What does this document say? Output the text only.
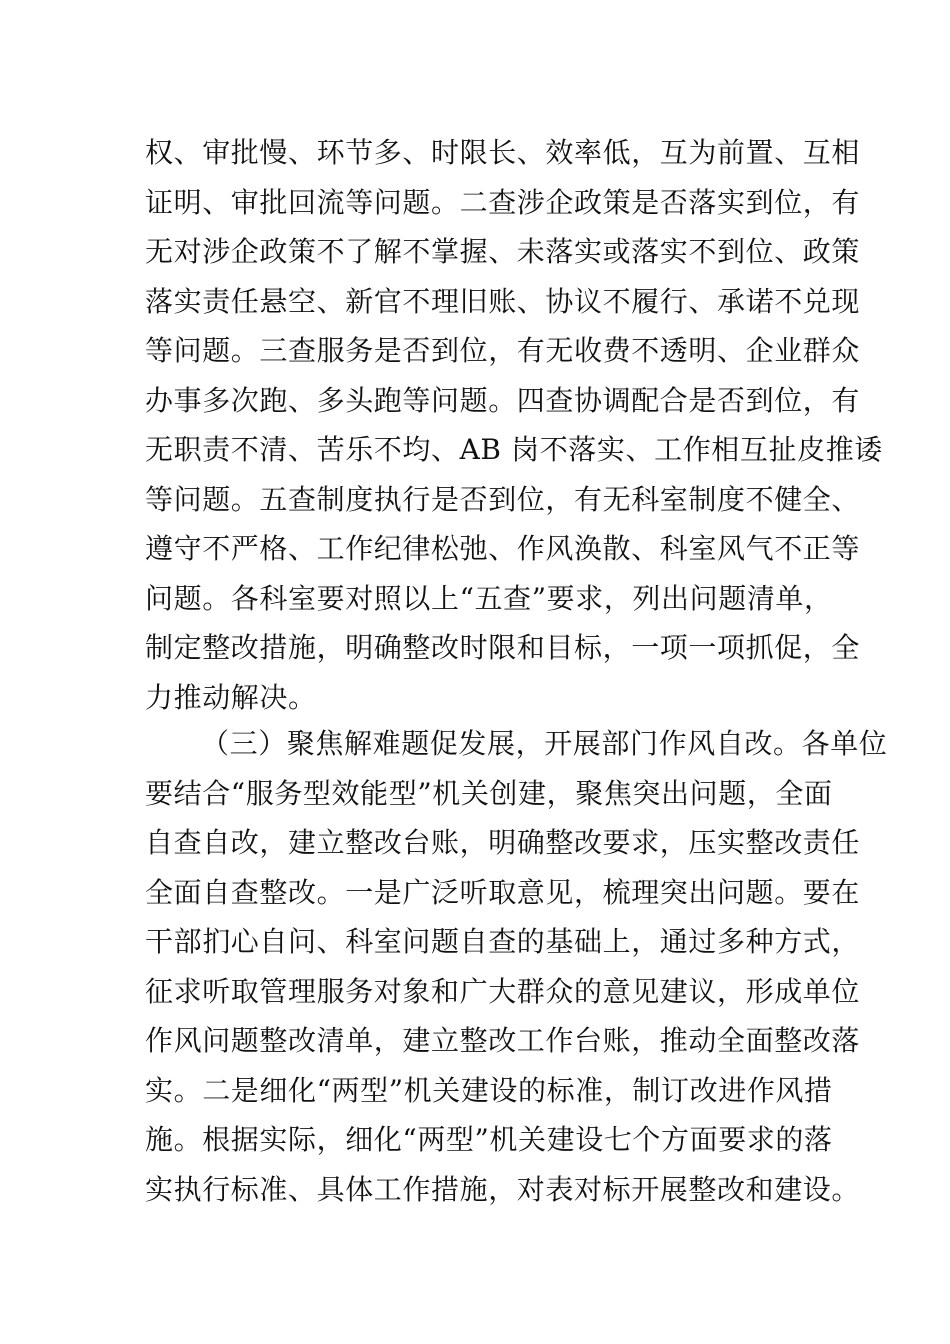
权、审批慢、环节多、时限长、效率低，互为前置、互相
证明、审批回流等问题。二查涉企政策是否落实到位，有
无对涉企政策不了解不掌握、未落实或落实不到位、政策
落实责任悬空、新官不理旧账、协议不履行、承诺不兑现
等问题。三查服务是否到位，有无收费不透明、企业群众
办事多次跑、多头跑等问题。四查协调配合是否到位，有
无职责不清、苦乐不均、AB 岗不落实、工作相互扯皮推诿
等问题。五查制度执行是否到位，有无科室制度不健全、
遵守不严格、工作纪律松弛、作风涣散、科室风气不正等
问题。各科室要对照以上“五查”要求，列出问题清单，
制定整改措施，明确整改时限和目标，一项一项抓促，全
力推动解决。
（三）聚焦解难题促发展，开展部门作风自改。各单位
要结合“服务型效能型”机关创建，聚焦突出问题，全面
自查自改，建立整改台账，明确整改要求，压实整改责任
全面自查整改。一是广泛听取意见，梳理突出问题。要在
干部扪心自问、科室问题自查的基础上，通过多种方式，
征求听取管理服务对象和广大群众的意见建议，形成单位
作风问题整改清单，建立整改工作台账，推动全面整改落
实。二是细化“两型”机关建设的标准，制订改进作风措
施。根据实际，细化“两型”机关建设七个方面要求的落
实执行标准、具体工作措施，对表对标开展整改和建设。
